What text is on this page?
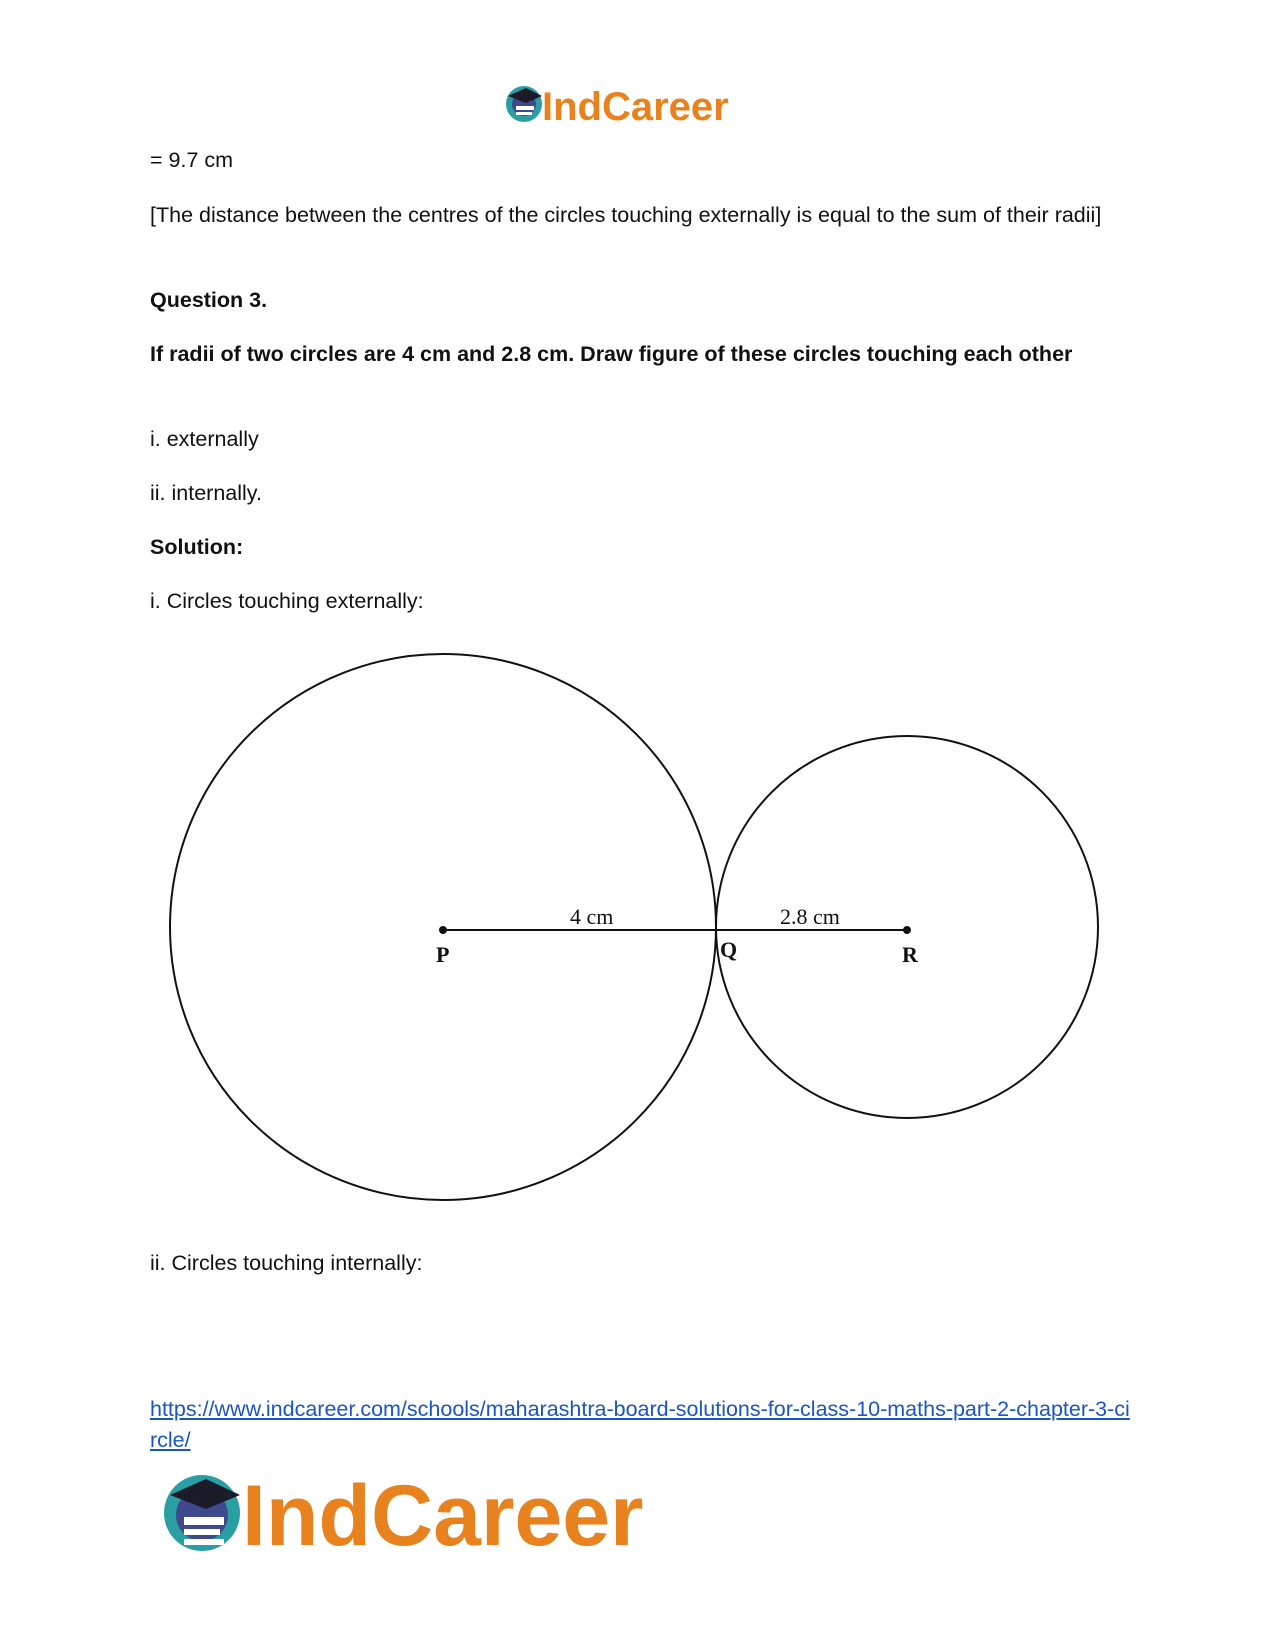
IndCareer
= 9.7 cm
[The distance between the centres of the circles touching externally is equal to the sum of their radii]
Question 3.
If radii of two circles are 4 cm and 2.8 cm. Draw figure of these circles touching each other
i. externally
ii. internally.
Solution:
i. Circles touching externally:
4 cm	2.8 cm
P	Q	R
ii. Circles touching internally:
https://www.indcareer.com/schools/maharashtra-board-solutions-for-class-10-maths-part-2-chapter-3-circle/
IndCareer
